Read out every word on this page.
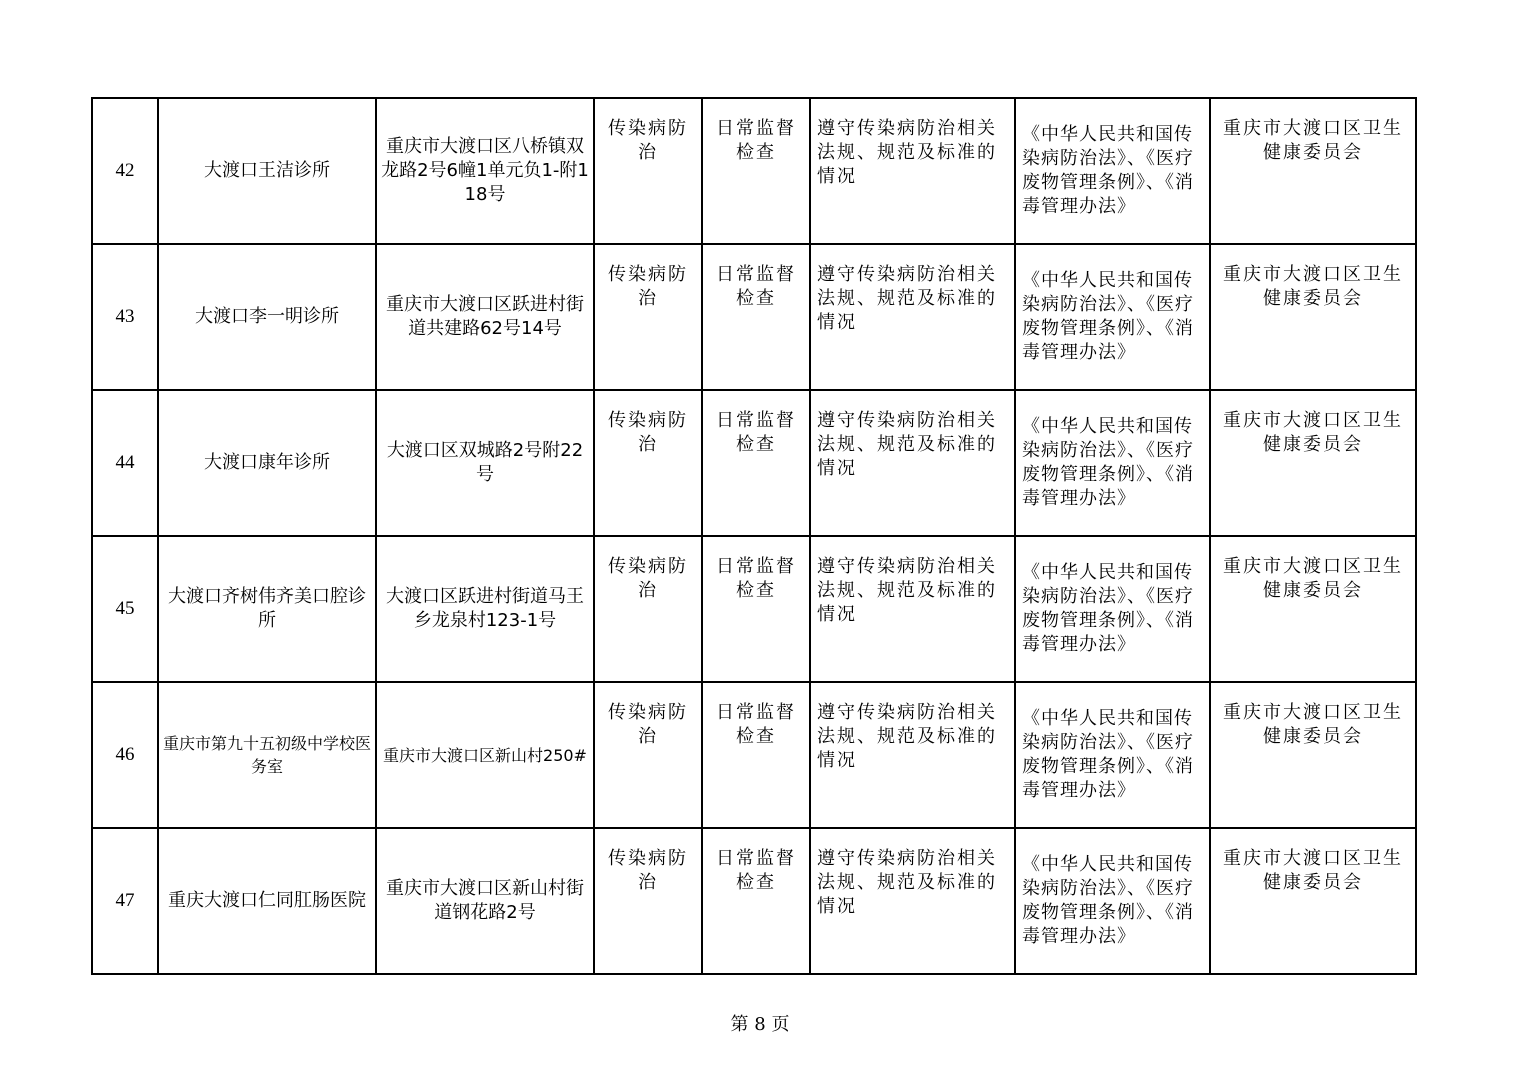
42	大渡口王洁诊所	重庆市大渡口区八桥镇双龙路2号6幢1单元负1-附118号	传染病防治	日常监督检查	遵守传染病防治相关法规、规范及标准的情况	《中华人民共和国传染病防治法》、《医疗废物管理条例》、《消毒管理办法》	重庆市大渡口区卫生健康委员会
43	大渡口李一明诊所	重庆市大渡口区跃进村街道共建路62号14号	传染病防治	日常监督检查	遵守传染病防治相关法规、规范及标准的情况	《中华人民共和国传染病防治法》、《医疗废物管理条例》、《消毒管理办法》	重庆市大渡口区卫生健康委员会
44	大渡口康年诊所	大渡口区双城路2号附22号	传染病防治	日常监督检查	遵守传染病防治相关法规、规范及标准的情况	《中华人民共和国传染病防治法》、《医疗废物管理条例》、《消毒管理办法》	重庆市大渡口区卫生健康委员会
45	大渡口齐树伟齐美口腔诊所	大渡口区跃进村街道马王乡龙泉村123-1号	传染病防治	日常监督检查	遵守传染病防治相关法规、规范及标准的情况	《中华人民共和国传染病防治法》、《医疗废物管理条例》、《消毒管理办法》	重庆市大渡口区卫生健康委员会
46	重庆市第九十五初级中学校医务室	重庆市大渡口区新山村250#	传染病防治	日常监督检查	遵守传染病防治相关法规、规范及标准的情况	《中华人民共和国传染病防治法》、《医疗废物管理条例》、《消毒管理办法》	重庆市大渡口区卫生健康委员会
47	重庆大渡口仁同肛肠医院	重庆市大渡口区新山村街道钢花路2号	传染病防治	日常监督检查	遵守传染病防治相关法规、规范及标准的情况	《中华人民共和国传染病防治法》、《医疗废物管理条例》、《消毒管理办法》	重庆市大渡口区卫生健康委员会
第 8 页
